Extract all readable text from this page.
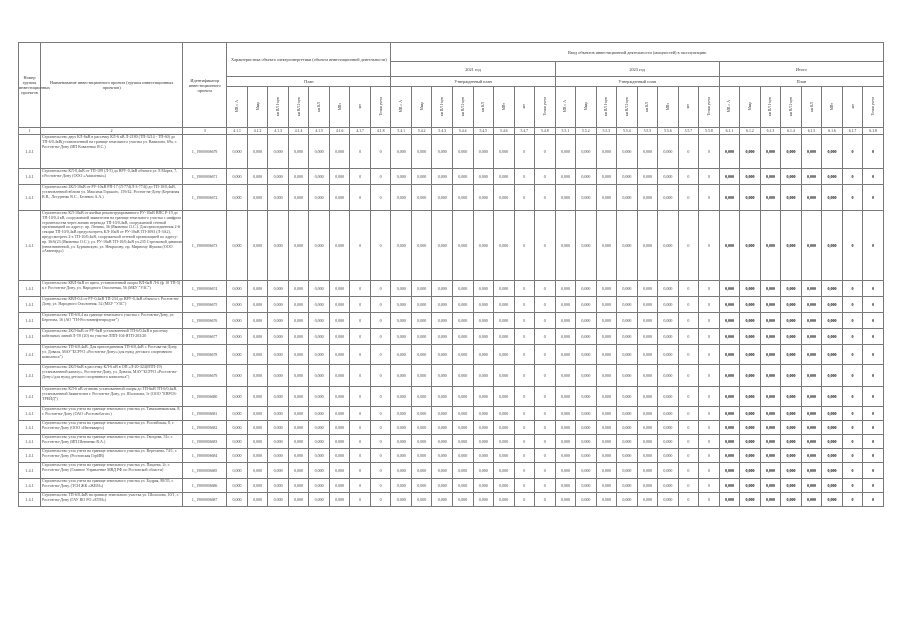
Номер группы инвестиционных проектов	Наименование инвестиционного проекта (группы инвестиционных проектов)	Идентификатор инвестиционного проекта	Характеристика объекта электроэнергетики (объекта инвестиционной деятельности)								Ввод объектов инвестиционной деятельности (мощностей) в эксплуатацию																							
											2021 год								2023 год								Итого							
			План								Утвержденный план								Утвержденный план								План							
			МВ×А	Мвар	км ВЛ 1-цеп	км ВЛ 2-цеп	км КЛ	МВт	шт	Точки учета	МВ×А	Мвар	км ВЛ 1-цеп	км ВЛ 2-цеп	км КЛ	МВт	шт	Точки учета	МВ×А	Мвар	км ВЛ 1-цеп	км ВЛ 2-цеп	км КЛ	МВт	шт	Точки учета	МВ×А	Мвар	км ВЛ 1-цеп	км ВЛ 2-цеп	км КЛ	МВт	шт	Точки учета
1	2	3	4.1.1	4.1.2	4.1.3	4.1.4	4.1.5	4.1.6	4.1.7	4.1.8	5.4.1	5.4.2	5.4.3	5.4.4	5.4.5	5.4.6	5.4.7	5.4.8	5.5.1	5.5.2	5.5.3	5.5.4	5.5.5	5.5.6	5.5.7	5.5.8	6.1.1	6.1.2	6.1.3	6.1.4	6.1.5	6.1.6	6.1.7	6.1.8
1.4.1	Строительство двух КЛ-6кВ в рассечку КЛ-6 кВ Л-2180 (ТП-3214 - ТП-60) до ТП-6/0,4кВ(установленной на границе земельного участка ул. Вавилова, 69а, г. Ростов-на-Дону (ИП Коваленко Я.С.)	L_19000006679	0,000	0,000	0,000	0,000	0,000	0,000	0	0	0,000	0,000	0,000	0,000	0,000	0,000	0	0	0,000	0,000	0,000	0,000	0,000	0,000	0	0	0,000	0,000	0,000	0,000	0,000	0,000	0	0
1.4.1	Строительство КЛ-0,4кВ от ТП-109 (Л-5) до ВРУ-0,4кВ объекта ул. 8 Марта, 7, г.Ростов-на-Дону (ООО «Ажиленко»)	L_19000006671	0,000	0,000	0,000	0,000	0,000	0,000	0	0	0,000	0,000	0,000	0,000	0,000	0,000	0	0	0,000	0,000	0,000	0,000	0,000	0,000	0	0	0,000	0,000	0,000	0,000	0,000	0,000	0	0
1.4.1	Строительство 2КЛ-10кВ от РУ-10кВ РП-17 (Л-774(Л-3-774)) до ТП-10/0,4кВ, установленной вблизи ул. Максима Горького, 159/42, Ростов-на-Дону (Бережная В.В., Лесуренко В.С., Белевич А.А.)	L_19000006672	0,000	0,000	0,000	0,000	0,000	0,000	0	0	0,000	0,000	0,000	0,000	0,000	0,000	0	0	0,000	0,000	0,000	0,000	0,000	0,000	0	0	0,000	0,000	0,000	0,000	0,000	0,000	0	0
1.4.1	Строительство КЛ-10кВ от ячейки реконструированного РУ-10кВ ВПС Р-19 до ТП-10/0,4 кВ, сооружаемой заявителем на границе земельного участка с шифром строительства через линию перехода ТП-10/0,4кВ, сооружаемой сетевой организацией по адресу: пр. Ленина, 36 (Яковенко О.С.). Для присоединения 2-й секции ТП-10/0,4кВ предусмотреть КЛ-10кВ от РУ-10кВ ТП-3093 (Л-ЗА2), предусмотреть 2-х ТП-10/0,4кВ, сооружаемой сетевой организацией по адресу: пр. 36/6(23 (Яковенко О.С.); ул. РУ-10кВ ТП-10/0,4кВ ул.235 Стрелковой дивизии (неназначенной, ул. Бурнянскую, ул. Некрасову; пр. Мирному Жукова (ООО «Авангард»)	L_19000006673	0,000	0,000	0,000	0,000	0,000	0,000	0	0	0,000	0,000	0,000	0,000	0,000	0,000	0	0	0,000	0,000	0,000	0,000	0,000	0,000	0	0	0,000	0,000	0,000	0,000	0,000	0,000	0	0
1.4.1	Строительство КВЛ-6кВ от щита, установленной опоры ВЛ-6кВ Л-6 (ф 10 ТП-3) к г. Ростов-на-Дону, ул. Народного Ополчения, 56 (МБУ "УЗС")	L_19000006674	0,000	0,000	0,000	0,000	0,000	0,000	0	0	0,000	0,000	0,000	0,000	0,000	0,000	0	0	0,000	0,000	0,000	0,000	0,000	0,000	0	0	0,000	0,000	0,000	0,000	0,000	0,000	0	0
1.4.1	Строительство КВЛ-0,4 от РУ-0,4кВ ТП-234 до ВРУ-0,4кВ объекта г. Ростов-на-Дону, ул. Народного Ополчения, 52 (МБУ "УЗС")	L_19000006675	0,000	0,000	0,000	0,000	0,000	0,000	0	0	0,000	0,000	0,000	0,000	0,000	0,000	0	0	0,000	0,000	0,000	0,000	0,000	0,000	0	0	0,000	0,000	0,000	0,000	0,000	0,000	0	0
1.4.1	Строительство ТП-6/0,4 на границе земельного участка г. Ростов-на-Дону, ул. Берегова, 16 (АО "ТН-Ростовнефтепродукт")	L_19000006676	0,000	0,000	0,000	0,000	0,000	0,000	0	0	0,000	0,000	0,000	0,000	0,000	0,000	0	0	0,000	0,000	0,000	0,000	0,000	0,000	0	0	0,000	0,000	0,000	0,000	0,000	0,000	0	0
1.4.1	Строительство 2КЛ-6кВ от РУ-6кВ установленной ТП-6/0,4кВ в рассечку кабельных линий Л-Т0 (20) на участке ЛПП-104-ЯТП-203/20	L_19000006677	0,000	0,000	0,000	0,000	0,000	0,000	0	0	0,000	0,000	0,000	0,000	0,000	0,000	0	0	0,000	0,000	0,000	0,000	0,000	0,000	0	0	0,000	0,000	0,000	0,000	0,000	0,000	0	0
1.4.1	Строительство ТП-6/0,4кВ. Для присоединения ТП-6/0,4кВ г. Ростова-на-Дону, ул. Доваля, МАУ"БСРУО «Ростов-на-Дону»/для нужд детского спортивного комплекса")	L_19000006678	0,000	0,000	0,000	0,000	0,000	0,000	0	0	0,000	0,000	0,000	0,000	0,000	0,000	0	0	0,000	0,000	0,000	0,000	0,000	0,000	0	0	0,000	0,000	0,000	0,000	0,000	0,000	0	0
1.4.1	Строительство 2КЛ-6кВ в рассечку КЛ-6 кВ в ОП «Л-20-324(ЯТП-19) установленной каналу», Ростов-на-Дону, ул. Доваля, МАУ"БСРУО «Ростов-на-Дону»/для нужд детского спортивного комплекса")	L_19000006679	0,000	0,000	0,000	0,000	0,000	0,000	0	0	0,000	0,000	0,000	0,000	0,000	0,000	0	0	0,000	0,000	0,000	0,000	0,000	0,000	0	0	0,000	0,000	0,000	0,000	0,000	0,000	0	0
1.4.1	Строительство КЛ-6 кВ от вновь установленной опоры до ТП-6кВ ТП-6/0,4кВ, установленной Заявителем г. Ростов-на-Дону, ул. Шолохова, 1г (ООО "ЕВРОЗ-ТРЕЙД")	L_19000006680	0,000	0,000	0,000	0,000	0,000	0,000	0	0	0,000	0,000	0,000	0,000	0,000	0,000	0	0	0,000	0,000	0,000	0,000	0,000	0,000	0	0	0,000	0,000	0,000	0,000	0,000	0,000	0	0
1.4.1	Строительство узла учета на границе земельного участка ул. Тимошенковская, 8, г. Ростов-на-Дону (ОАО «Ростовоблгаз»)	L_19000006681	0,000	0,000	0,000	0,000	0,000	0,000	0	0	0,000	0,000	0,000	0,000	0,000	0,000	0	0	0,000	0,000	0,000	0,000	0,000	0,000	0	0	0,000	0,000	0,000	0,000	0,000	0,000	0	0
1.4.1	Строительство узла учета на границе земельного участка ул. Российская, 8, г. Ростов-на-Дону (ООО «Интекварт»)	L_19000006682	0,000	0,000	0,000	0,000	0,000	0,000	0	0	0,000	0,000	0,000	0,000	0,000	0,000	0	0	0,000	0,000	0,000	0,000	0,000	0,000	0	0	0,000	0,000	0,000	0,000	0,000	0,000	0	0
1.4.1	Строительство узла учета на границе земельного участка ул. Гвоздева, 51г, г. Ростов-на-Дону (ИП Шевченко В.А.)	L_19000006683	0,000	0,000	0,000	0,000	0,000	0,000	0	0	0,000	0,000	0,000	0,000	0,000	0,000	0	0	0,000	0,000	0,000	0,000	0,000	0,000	0	0	0,000	0,000	0,000	0,000	0,000	0,000	0	0
1.4.1	Строительство узла учета на границе земельного участка ул. Вересаева, 74/1, г. Ростов-на-Дону (Ростовская ГорИВ)	L_19000006684	0,000	0,000	0,000	0,000	0,000	0,000	0	0	0,000	0,000	0,000	0,000	0,000	0,000	0	0	0,000	0,000	0,000	0,000	0,000	0,000	0	0	0,000	0,000	0,000	0,000	0,000	0,000	0	0
1.4.1	Строительство узла учета на границе земельного участка ул. Пацаева, 2г, г. Ростов-на-Дону (Главное Управление МВД РФ по Ростовской области)	L_19000006685	0,000	0,000	0,000	0,000	0,000	0,000	0	0	0,000	0,000	0,000	0,000	0,000	0,000	0	0	0,000	0,000	0,000	0,000	0,000	0,000	0	0	0,000	0,000	0,000	0,000	0,000	0,000	0	0
1.4.1	Строительство узла учета на границе земельного участка ул. Бодрая, 88/35, г. Ростов-на-Дону, (ТСН ЖК «ЖЕМ»)	L_19000006686	0,000	0,000	0,000	0,000	0,000	0,000	0	0	0,000	0,000	0,000	0,000	0,000	0,000	0	0	0,000	0,000	0,000	0,000	0,000	0,000	0	0	0,000	0,000	0,000	0,000	0,000	0,000	0	0
1.4.1	Строительство ТП-6/0,4кВ на границе земельного участка ул. Шолохова, 10/1, г. Ростов-на-Дону (ГАУ ВО РО «ЕТМ»)	L_19000006687	0,000	0,000	0,000	0,000	0,000	0,000	0	0	0,000	0,000	0,000	0,000	0,000	0,000	0	0	0,000	0,000	0,000	0,000	0,000	0,000	0	0	0,000	0,000	0,000	0,000	0,000	0,000	0	0
